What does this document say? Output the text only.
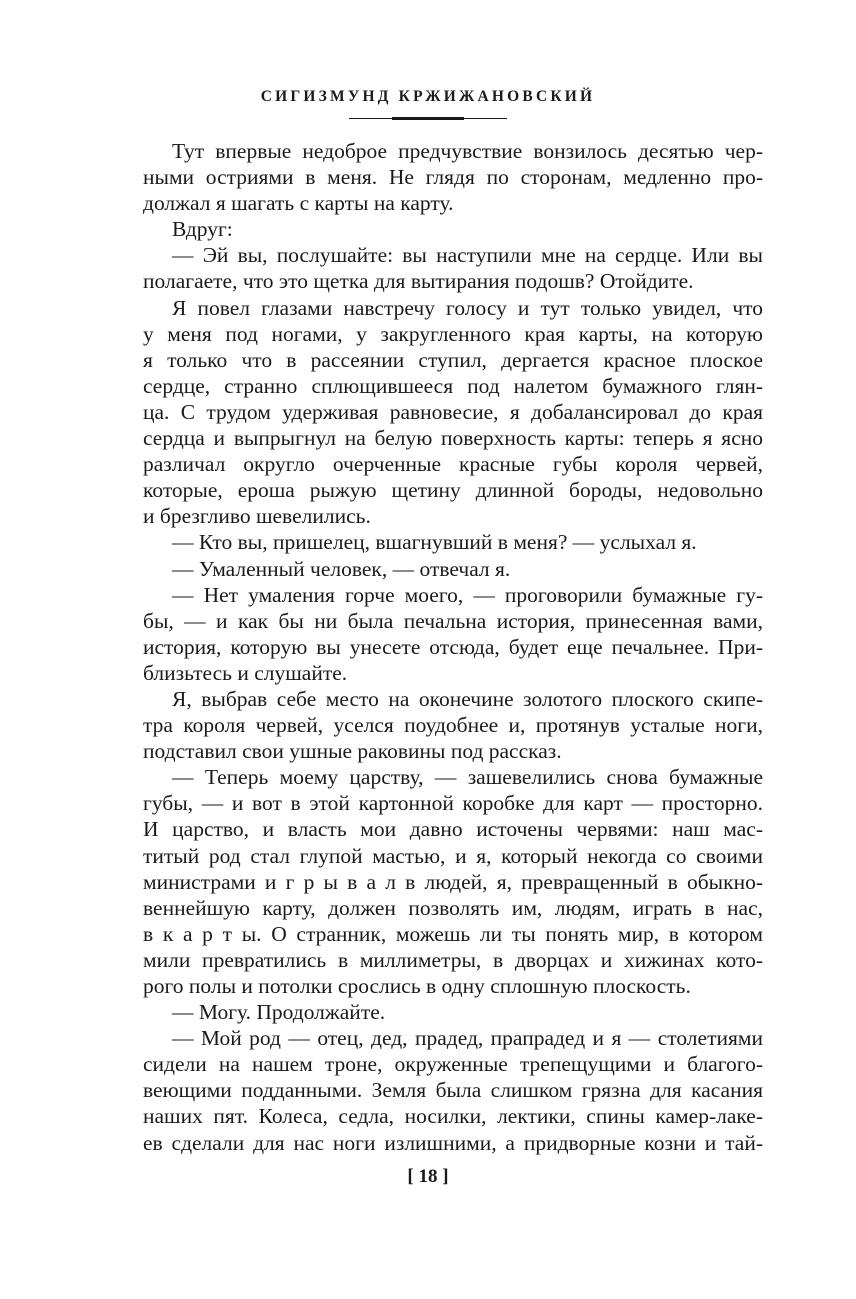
СИГИЗМУНД КРЖИЖАНОВСКИЙ
Тут впервые недоброе предчувствие вонзилось десятью чер-
ными остриями в меня. Не глядя по сторонам, медленно про-
должал я шагать с карты на карту.
Вдруг:
— Эй вы, послушайте: вы наступили мне на сердце. Или вы
полагаете, что это щетка для вытирания подошв? Отойдите.
Я повел глазами навстречу голосу и тут только увидел, что
у меня под ногами, у закругленного края карты, на которую
я только что в рассеянии ступил, дергается красное плоское
сердце, странно сплющившееся под налетом бумажного глян-
ца. С трудом удерживая равновесие, я добалансировал до края
сердца и выпрыгнул на белую поверхность карты: теперь я ясно
различал округло очерченные красные губы короля червей,
которые, ероша рыжую щетину длинной бороды, недовольно
и брезгливо шевелились.
— Кто вы, пришелец, вшагнувший в меня? — услыхал я.
— Умаленный человек, — отвечал я.
— Нет умаления горче моего, — проговорили бумажные гу-
бы, — и как бы ни была печальна история, принесенная вами,
история, которую вы унесете отсюда, будет еще печальнее. При-
близьтесь и слушайте.
Я, выбрав себе место на оконечине золотого плоского скипе-
тра короля червей, уселся поудобнее и, протянув усталые ноги,
подставил свои ушные раковины под рассказ.
— Теперь моему царству, — зашевелились снова бумажные
губы, — и вот в этой картонной коробке для карт — просторно.
И царство, и власть мои давно источены червями: наш мас-
титый род стал глупой мастью, и я, который некогда со своими
министрами и г р ы в а л в людей, я, превращенный в обыкно-
веннейшую карту, должен позволять им, людям, играть в нас,
в к а р т ы. О странник, можешь ли ты понять мир, в котором
мили превратились в миллиметры, в дворцах и хижинах кото-
рого полы и потолки срослись в одну сплошную плоскость.
— Могу. Продолжайте.
— Мой род — отец, дед, прадед, прапрадед и я — столетиями
сидели на нашем троне, окруженные трепещущими и благого-
веющими подданными. Земля была слишком грязна для касания
наших пят. Колеса, седла, носилки, лектики, спины камер-лаке-
ев сделали для нас ноги излишними, а придворные козни и тай-
[ 18 ]
